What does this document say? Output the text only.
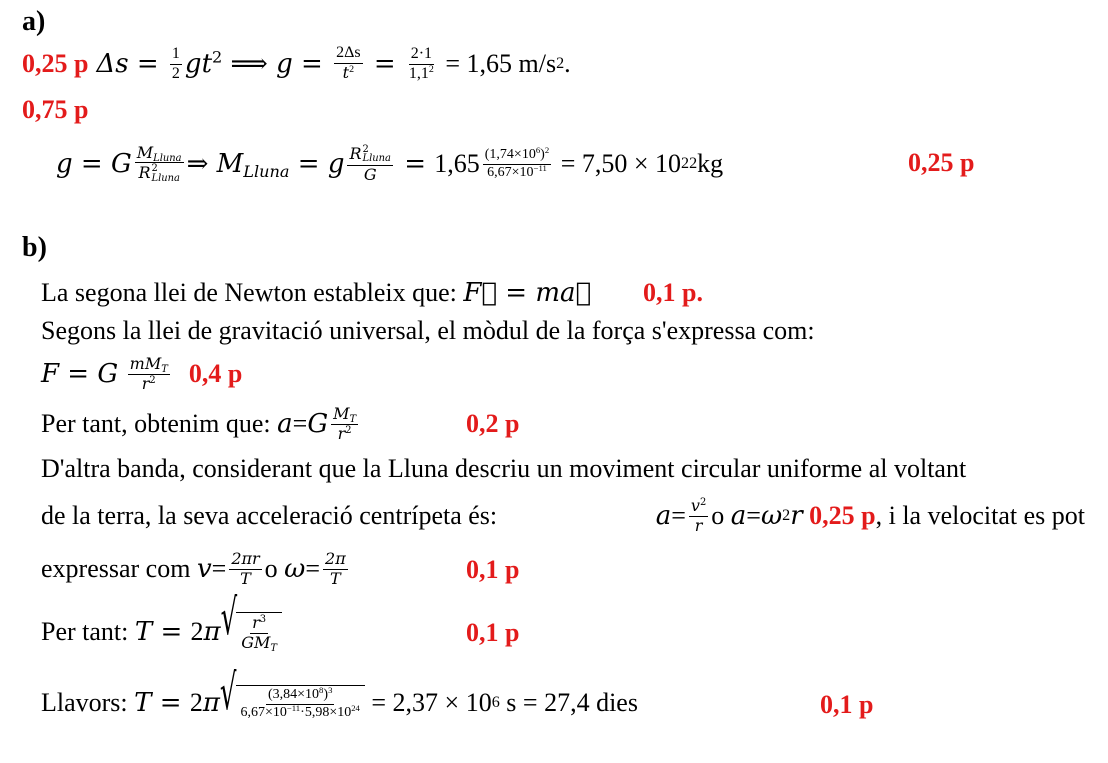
a)
0,25 p $\Delta s = \frac{1}{2} gt^2$
⟹
$g = \frac{2\Delta s}{t^2} = \frac{2\cdot 1}{1,1^2}$
= 1,65 m/s 2 .
0,75 p
g = G $M_{Lluna}$
R 2
Lluna ⇒
$M_{Lluna} = g$ R 2
Lluna
G = 1,65 $(1,74\times 10^6)^2$
$6,67\times 10^{-11}$
= 7,50 × 10 22 kg	0,25 p
b)
La segona llei de Newton estableix que:
F⃗ = ma⃗ 0,1 p.
Segons la llei de gravitació universal, el mòdul de la força s'expressa com:
F = G
$mM_T$
$r^2$ 0,4 p
Per tant, obtenim que:
a = G $M_T$
$r^2$	0,2 p
D'altra banda, considerant que la Lluna descriu un moviment circular uniforme al voltant
de la terra, la seva acceleració centrípeta és:	$a = v^2$
r o
a = ω 2 r
0,25 p , i la velocitat es pot
expressar com
v = 2πr
T o
ω = 2π
T	0,1 p
Per tant:
T = 2 π √ $r^3$
$GM_T$
0,1 p
Llavors:
T = 2 π √ $(3,84\times 10^8)^3$
$6,67\times 10^{-11}\cdot 5,98\times 10^{24}$
= 2,37 × 10 6
s = 27,4 dies	0,1 p
